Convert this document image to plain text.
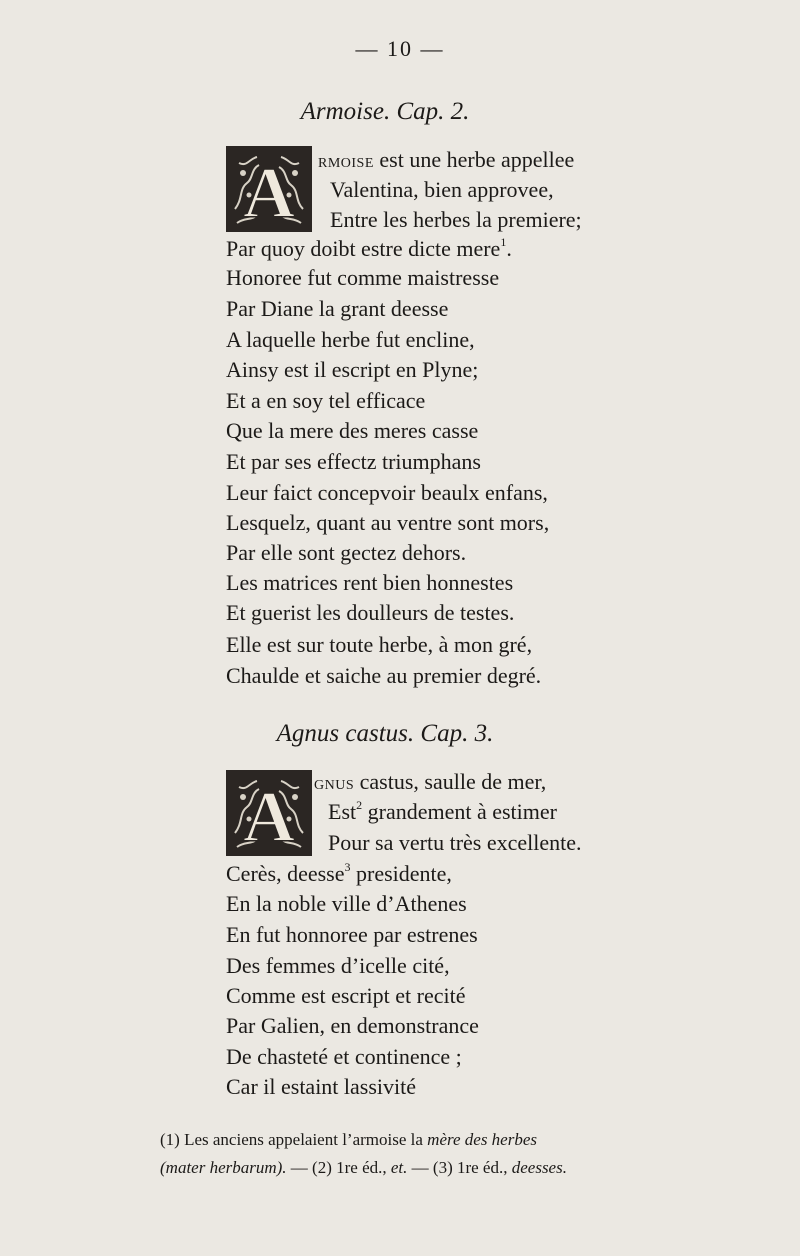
— 10 —
Armoise. Cap. 2.
A rmoise est une herbe appellee
Valentina, bien approvee,
Entre les herbes la premiere;
Par quoy doibt estre dicte mere$^1$.
Honoree fut comme maistresse
Par Diane la grant deesse
A laquelle herbe fut encline,
Ainsy est il escript en Plyne;
Et a en soy tel efficace
Que la mere des meres casse
Et par ses effectz triumphans
Leur faict concepvoir beaulx enfans,
Lesquelz, quant au ventre sont mors,
Par elle sont gectez dehors.
Les matrices rent bien honnestes
Et guerist les doulleurs de testes.
Elle est sur toute herbe, à mon gré,
Chaulde et saiche au premier degré.
Agnus castus. Cap. 3.
A gnus castus, saulle de mer,
Est$^2$ grandement à estimer
Pour sa vertu très excellente.
Cerès, deesse$^3$ presidente,
En la noble ville d’Athenes
En fut honnoree par estrenes
Des femmes d’icelle cité,
Comme est escript et recité
Par Galien, en demonstrance
De chasteté et continence ;
Car il estaint lassivité
(1) Les anciens appelaient l’armoise la mère des herbes
(mater herbarum). — (2) 1re éd., et. — (3) 1re éd., deesses.
